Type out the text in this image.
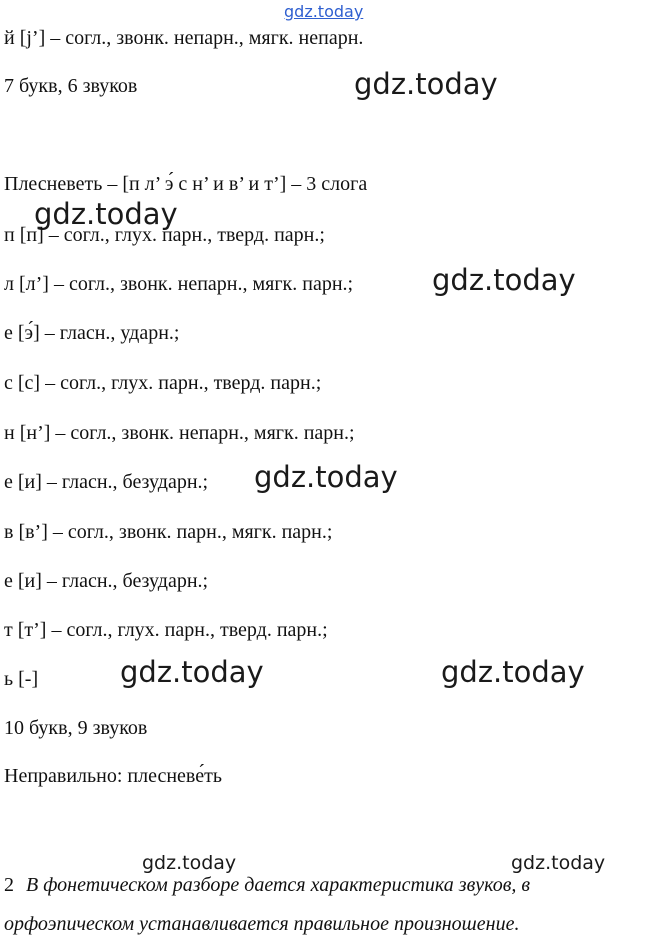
gdz.today
й [j’] – согл., звонк. непарн., мягк. непарн.
7 букв, 6 звуков	gdz.today
Плесневеть – [п л’ э́ с н’ и в’ и т’] – 3 слога
gdz.today
п [п] – согл., глух. парн., тверд. парн.;
л [л’] – согл., звонк. непарн., мягк. парн.;	gdz.today
е [э́] – гласн., ударн.;
с [с] – согл., глух. парн., тверд. парн.;
н [н’] – согл., звонк. непарн., мягк. парн.;
е [и] – гласн., безударн.; gdz.today
в [в’] – согл., звонк. парн., мягк. парн.;
е [и] – гласн., безударн.;
т [т’] – согл., глух. парн., тверд. парн.;
ь [-]	gdz.today	gdz.today
10 букв, 9 звуков
Неправильно: плесневе́ть
gdz.today	gdz.today
2 В фонетическом разборе дается характеристика звуков, в
орфоэпическом устанавливается правильное произношение.
